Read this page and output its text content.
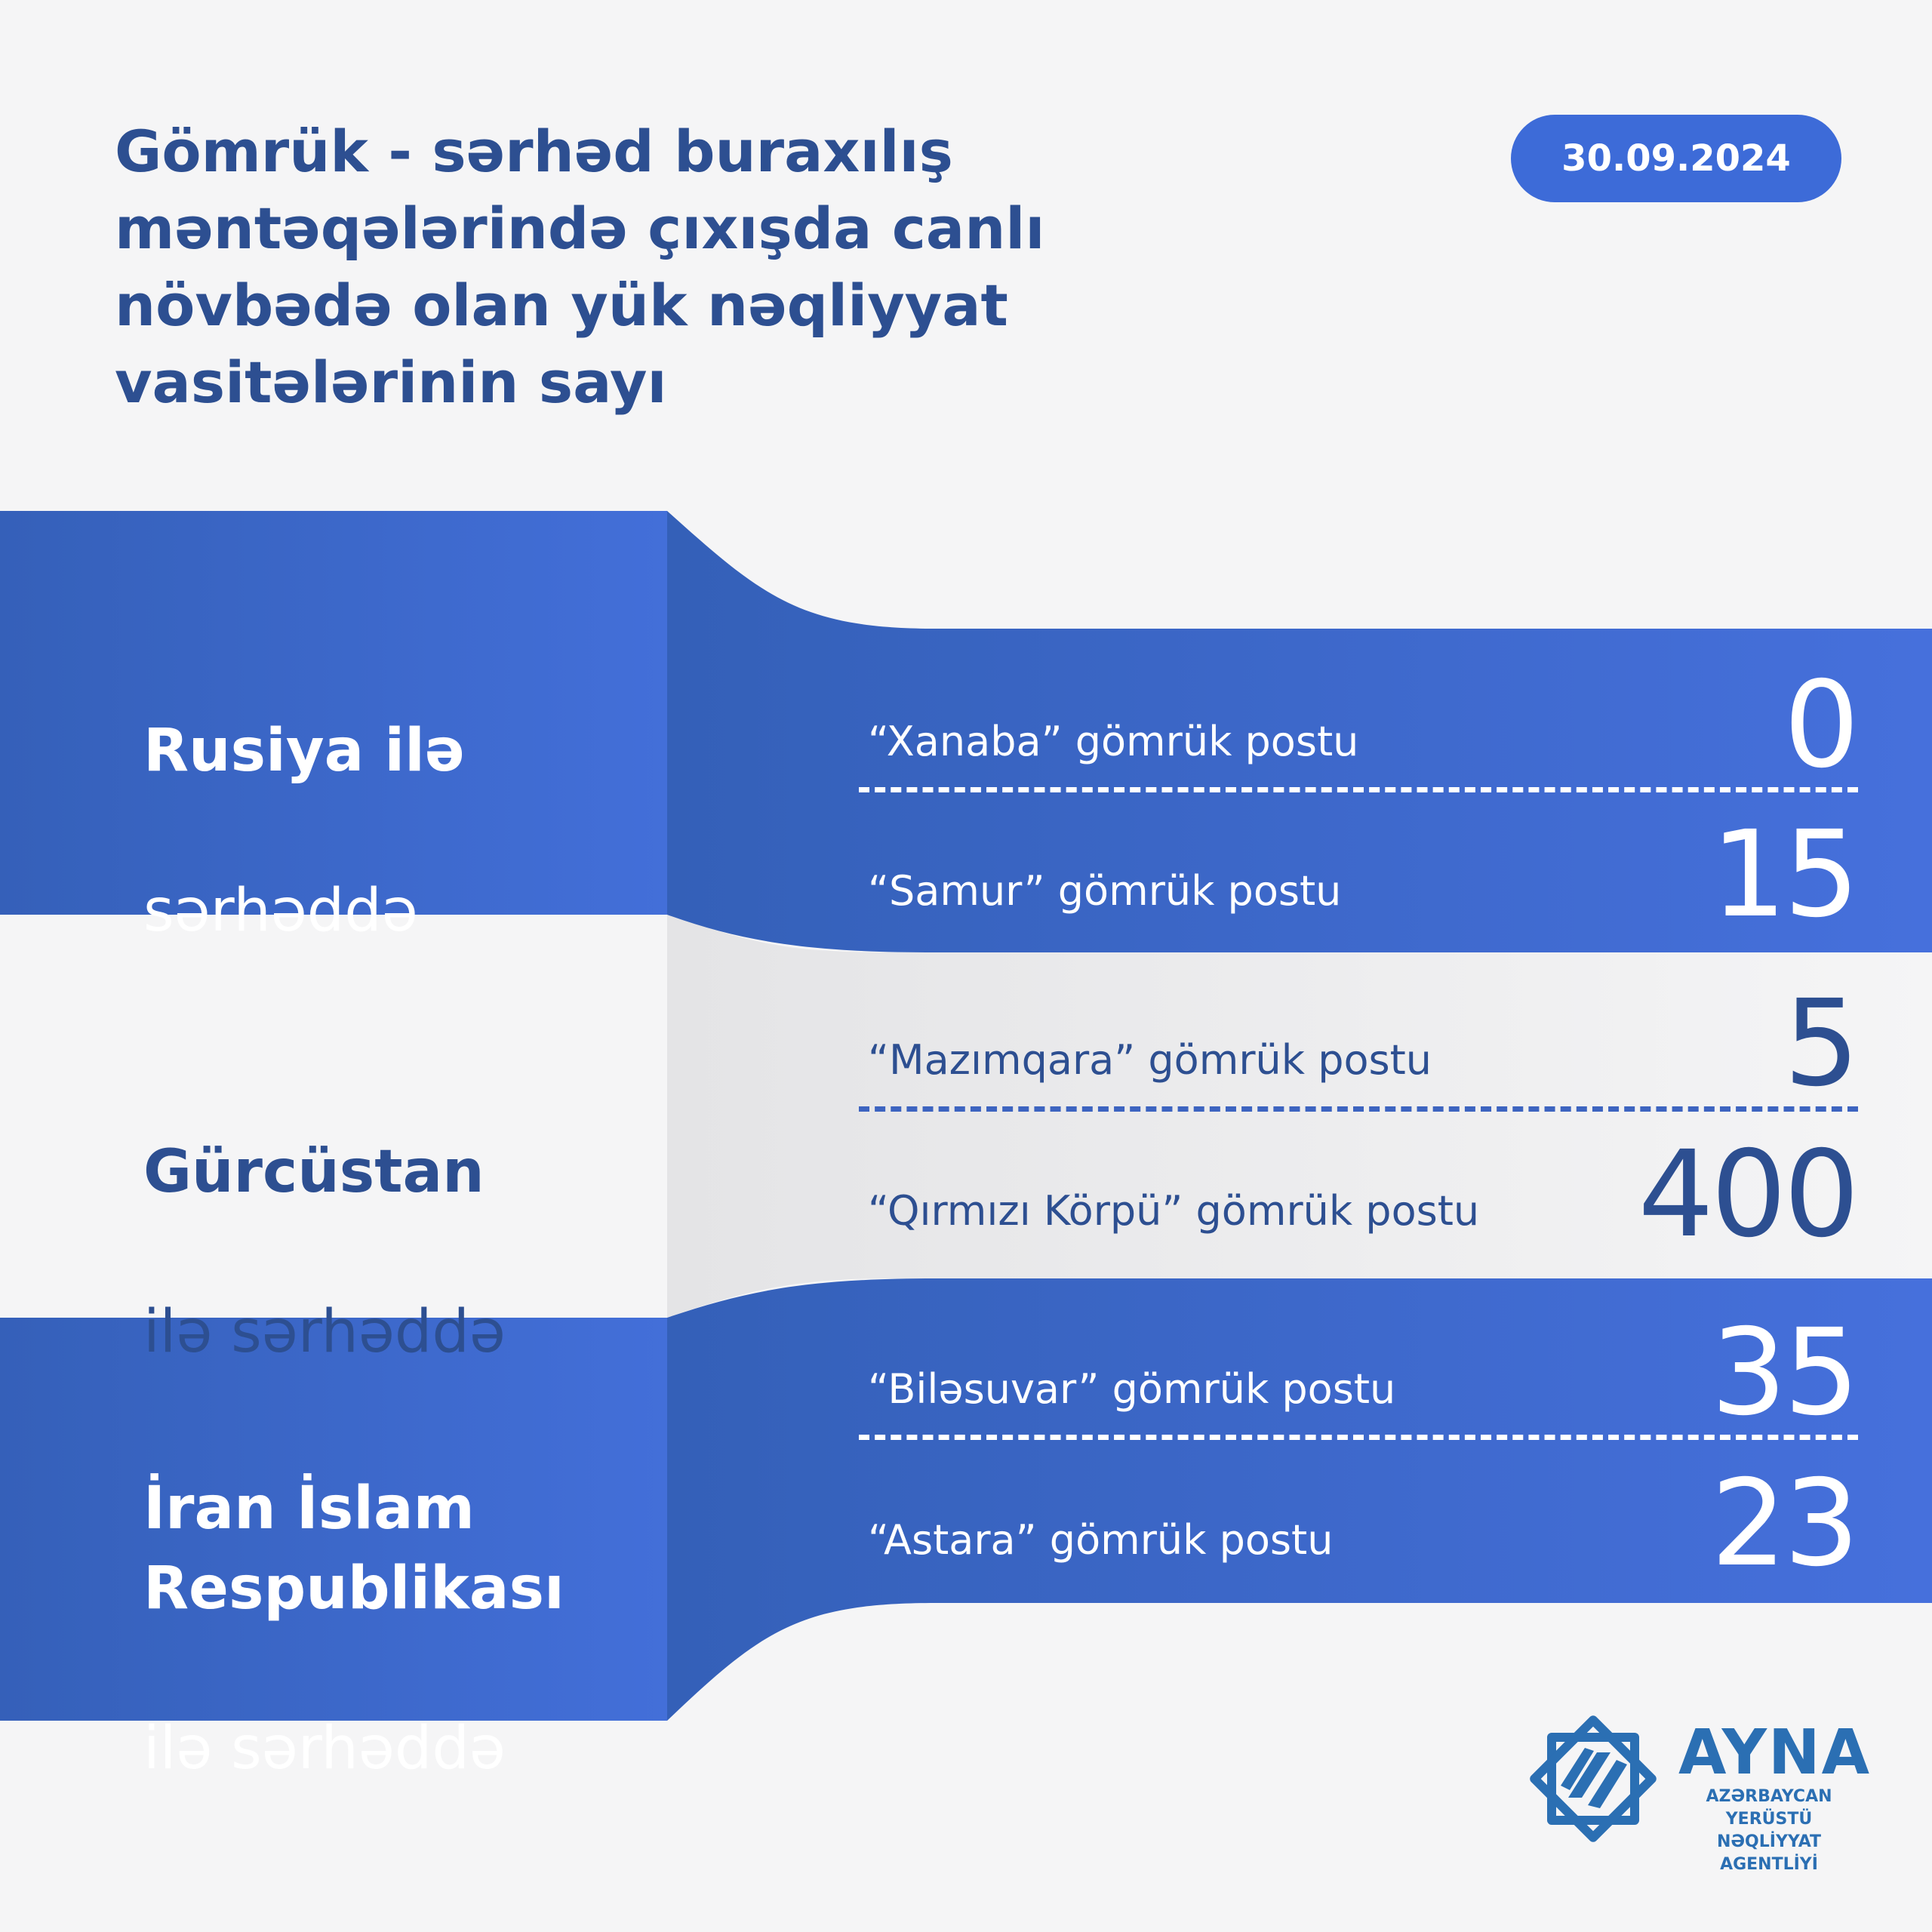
Gömrük - sərhəd buraxılış
məntəqələrində çıxışda canlı
növbədə olan yük nəqliyyat
vasitələrinin sayı
30.09.2024

Rusiya ilə

sərhəddə

Gürcüstan

ilə sərhəddə

İran İslam
Respublikası

ilə sərhəddə

“Xanaba” gömrük postu	0
“Samur” gömrük postu	15
“Mazımqara” gömrük postu	5
“Qırmızı Körpü” gömrük postu 400
“Biləsuvar” gömrük postu	35
“Astara” gömrük postu	23
AYNA
AZƏRBAYCAN YERÜSTÜ
NƏQLİYYAT AGENTLİYİ
